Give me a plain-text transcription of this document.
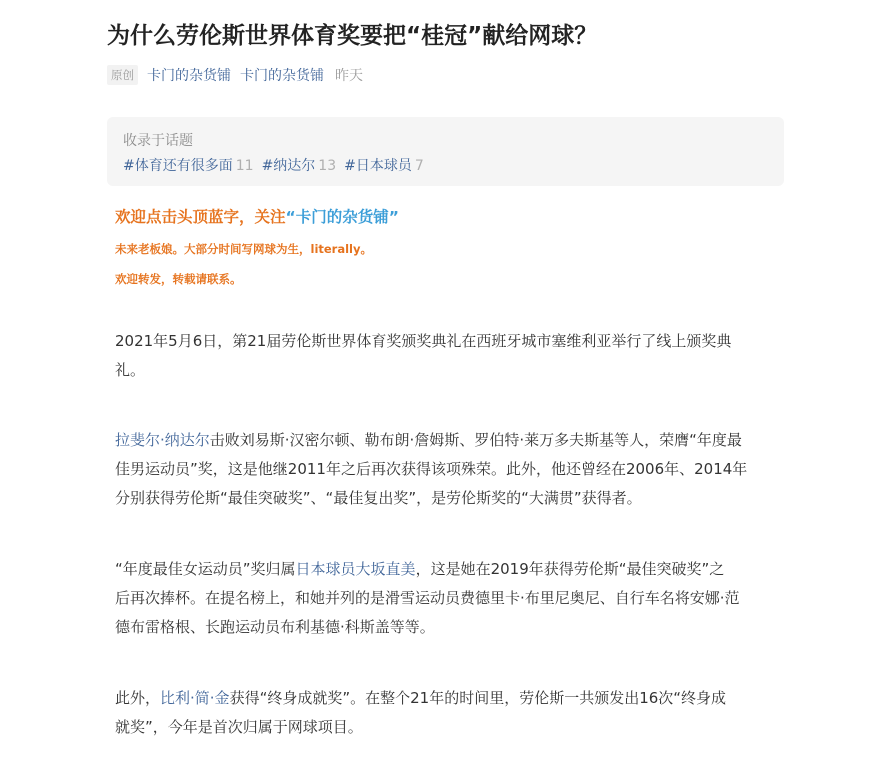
为什么劳伦斯世界体育奖要把“桂冠”献给网球？
原创 卡门的杂货铺 卡门的杂货铺 昨天
收录于话题
#体育还有很多面 11 #纳达尔 13 #日本球员 7
欢迎点击头顶蓝字，关注“卡门的杂货铺”
未来老板娘。大部分时间写网球为生，literally。
欢迎转发，转载请联系。
2021年5月6日，第21届劳伦斯世界体育奖颁奖典礼在西班牙城市塞维利亚举行了线上颁奖典
礼。
拉斐尔·纳达尔击败刘易斯·汉密尔顿、勒布朗·詹姆斯、罗伯特·莱万多夫斯基等人，荣膺“年度最
佳男运动员”奖，这是他继2011年之后再次获得该项殊荣。此外，他还曾经在2006年、2014年
分别获得劳伦斯“最佳突破奖”、“最佳复出奖”，是劳伦斯奖的“大满贯”获得者。
“年度最佳女运动员”奖归属日本球员大坂直美，这是她在2019年获得劳伦斯“最佳突破奖”之
后再次捧杯。在提名榜上，和她并列的是滑雪运动员费德里卡·布里尼奥尼、自行车名将安娜·范
德布雷格根、长跑运动员布利基德·科斯盖等等。
此外，比利·简·金获得“终身成就奖”。在整个21年的时间里，劳伦斯一共颁发出16次“终身成
就奖”，今年是首次归属于网球项目。
